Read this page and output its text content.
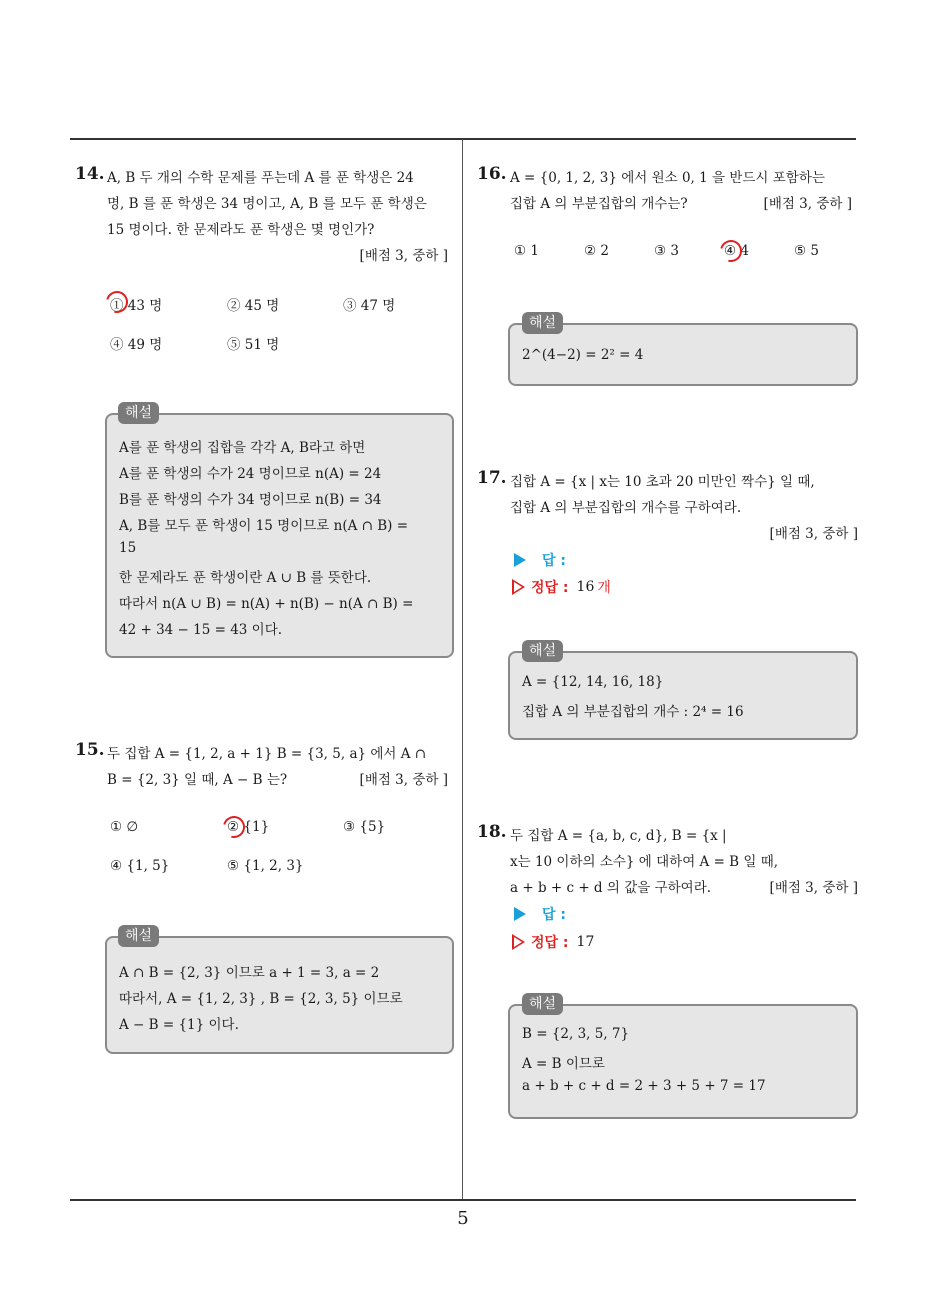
5
14. A, B 두 개의 수학 문제를 푸는데 A 를 푼 학생은 24
명, B 를 푼 학생은 34 명이고, A, B 를 모두 푼 학생은
15 명이다. 한 문제라도 푼 학생은 몇 명인가?
[배점 3, 중하 ]
① 43 명	② 45 명	③ 47 명
④ 49 명	⑤ 51 명
해설
A를 푼 학생의 집합을 각각 A, B라고 하면
A를 푼 학생의 수가 24 명이므로 n(A) = 24
B를 푼 학생의 수가 34 명이므로 n(B) = 34
A, B를 모두 푼 학생이 15 명이므로 n(A ∩ B) =
15
한 문제라도 푼 학생이란 A ∪ B 를 뜻한다.
따라서 n(A ∪ B) = n(A) + n(B) − n(A ∩ B) =
42 + 34 − 15 = 43 이다.
15. 두 집합 A = {1, 2, a + 1} B = {3, 5, a} 에서 A ∩
B = {2, 3} 일 때, A − B 는?	[배점 3, 중하 ]
① ∅	② {1}	③ {5}
④ {1, 5}	⑤ {1, 2, 3}
해설
A ∩ B = {2, 3} 이므로 a + 1 = 3, a = 2
따라서, A = {1, 2, 3} , B = {2, 3, 5} 이므로
A − B = {1} 이다.
16. A = {0, 1, 2, 3} 에서 원소 0, 1 을 반드시 포함하는
집합 A 의 부분집합의 개수는?	[배점 3, 중하 ]
① 1	② 2	③ 3	④ 4	⑤ 5
해설
2^(4−2) = 2² = 4
17. 집합 A = {x | x는 10 초과 20 미만인 짝수} 일 때,
집합 A 의 부분집합의 개수를 구하여라.
[배점 3, 중하 ]
답 :
정답 : 16 개
해설
A = {12, 14, 16, 18}
집합 A 의 부분집합의 개수 : 2⁴ = 16
18. 두 집합 A = {a, b, c, d}, B = {x |
x는 10 이하의 소수} 에 대하여 A = B 일 때,
a + b + c + d 의 값을 구하여라.	[배점 3, 중하 ]
답 :
정답 : 17
해설
B = {2, 3, 5, 7}
A = B 이므로
a + b + c + d = 2 + 3 + 5 + 7 = 17
